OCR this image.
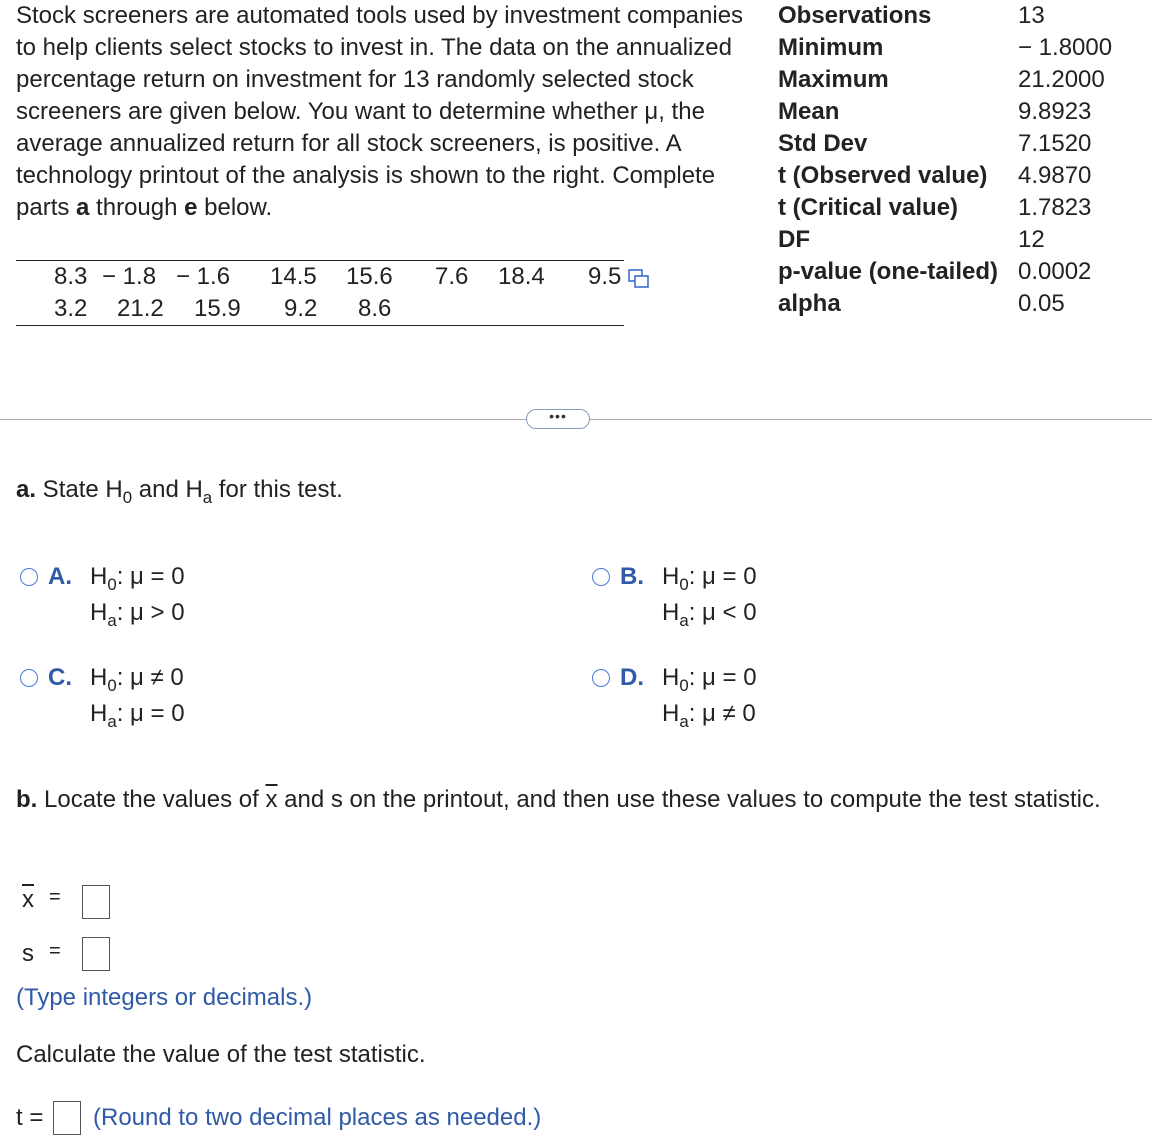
Stock screeners are automated tools used by investment companies to help clients select stocks to invest in. The data on the annualized percentage return on investment for 13 randomly selected stock screeners are given below. You want to determine whether μ, the average annualized return for all stock screeners, is positive. A technology printout of the analysis is shown to the right. Complete parts a through e below.

8.3 − 1.8 − 1.6 14.5 15.6 7.6 18.4 9.5
3.2 21.2 15.9 9.2 8.6
Observations	13
Minimum	− 1.8000
Maximum	21.2000
Mean	9.8923
Std Dev	7.1520
t (Observed value) 4.9870
t (Critical value) 1.7823
DF	12
p-value (one-tailed) 0.0002
alpha	0.05
•••
a. State $H_0$ and $H_a$ for this test.
A. $H_0$: μ = 0
$H_a$: μ > 0
B. $H_0$: μ = 0
$H_a$: μ < 0
C. $H_0$: μ ≠ 0
$H_a$: μ = 0
D. $H_0$: μ = 0
$H_a$: μ ≠ 0
b. Locate the values of $\overline{x}$ and s on the printout, and then use these values to compute the test statistic.
$\overline{x}$ =
s =
(Type integers or decimals.)
Calculate the value of the test statistic.
t = (Round to two decimal places as needed.)
